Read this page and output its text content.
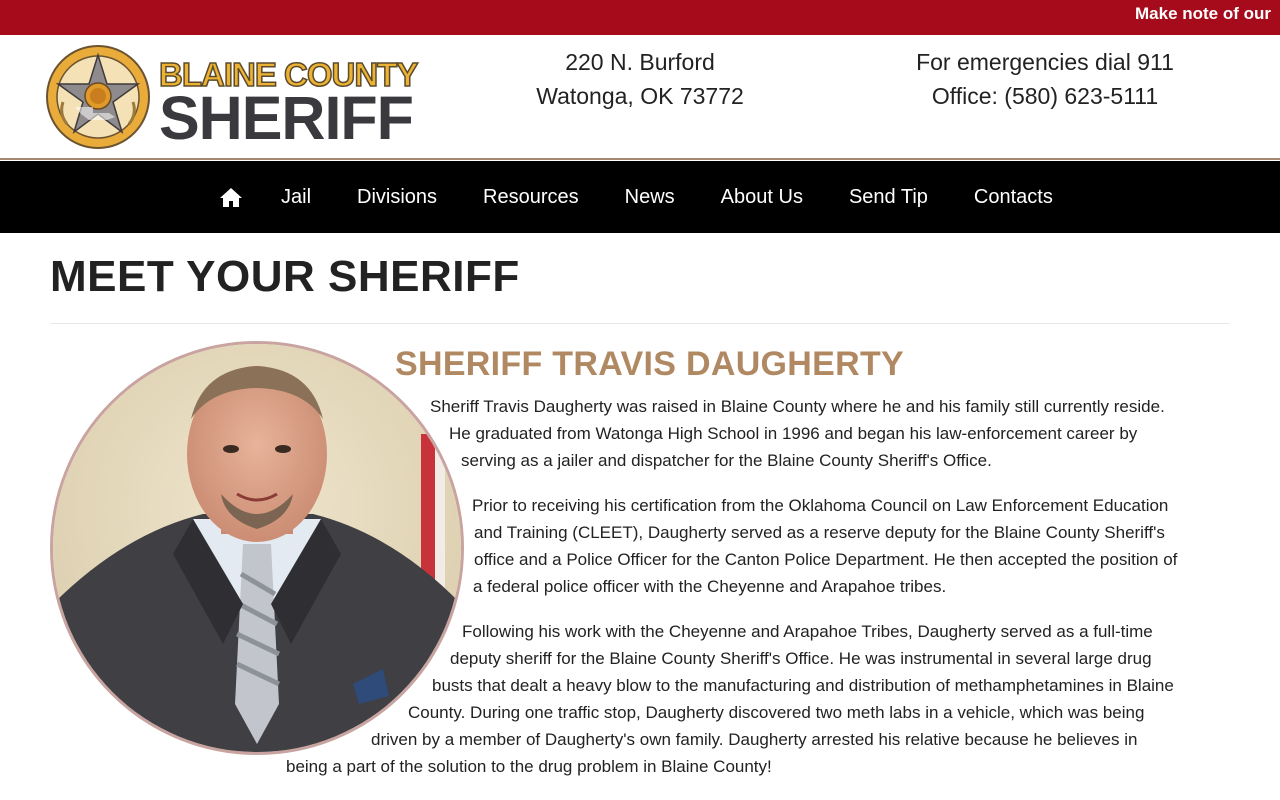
Make note of our
BLAINE COUNTY
SHERIFF
220 N. Burford
Watonga, OK 73772
For emergencies dial 911
Office: (580) 623-5111
Jail	Divisions	Resources	News	About Us	Send Tip	Contacts
MEET YOUR SHERIFF
SHERIFF TRAVIS DAUGHERTY
Sheriff Travis Daugherty was raised in Blaine County where he and his family still currently reside.
He graduated from Watonga High School in 1996 and began his law-enforcement career by
serving as a jailer and dispatcher for the Blaine County Sheriff's Office.
Prior to receiving his certification from the Oklahoma Council on Law Enforcement Education
and Training (CLEET), Daugherty served as a reserve deputy for the Blaine County Sheriff's
office and a Police Officer for the Canton Police Department. He then accepted the position of
a federal police officer with the Cheyenne and Arapahoe tribes.
Following his work with the Cheyenne and Arapahoe Tribes, Daugherty served as a full-time
deputy sheriff for the Blaine County Sheriff's Office. He was instrumental in several large drug
busts that dealt a heavy blow to the manufacturing and distribution of methamphetamines in Blaine
County. During one traffic stop, Daugherty discovered two meth labs in a vehicle, which was being
driven by a member of Daugherty's own family. Daugherty arrested his relative because he believes in
being a part of the solution to the drug problem in Blaine County!
